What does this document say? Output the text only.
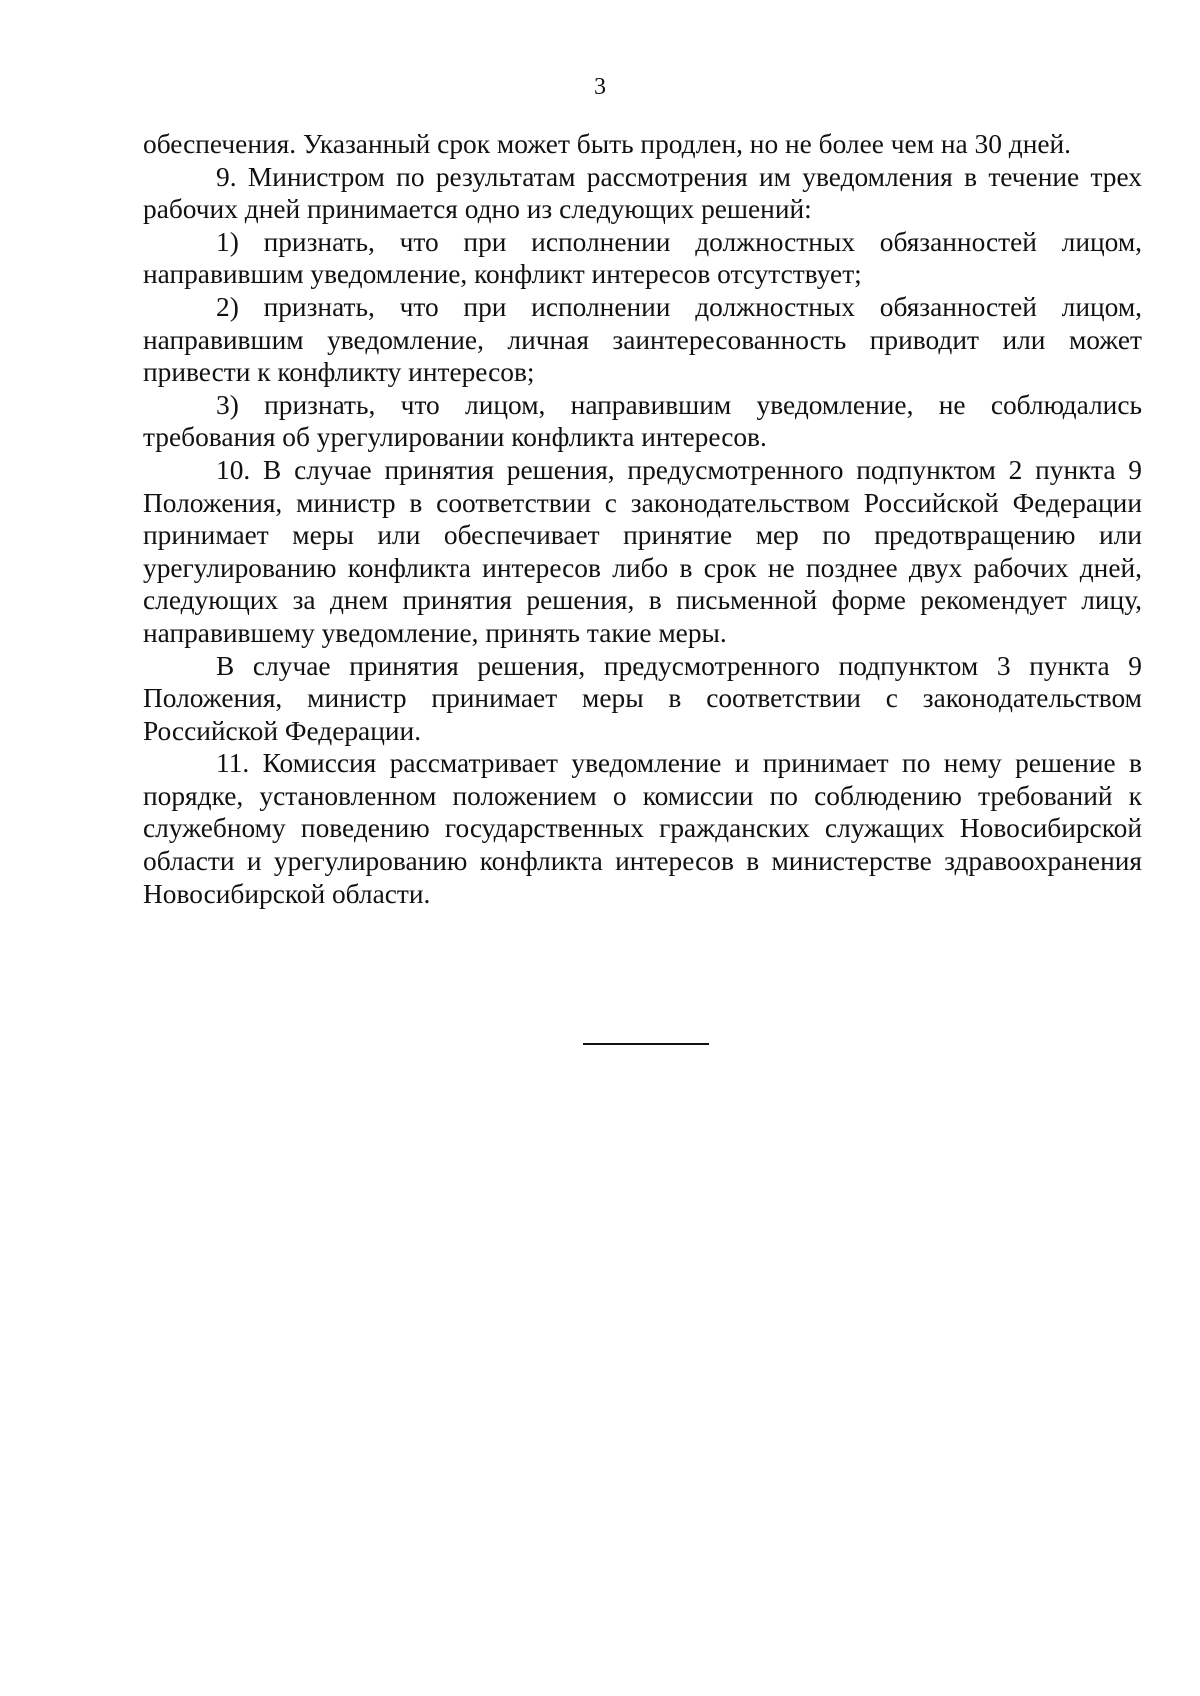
3

обеспечения. Указанный срок может быть продлен, но не более чем на 30 дней.

9. Министром по результатам рассмотрения им уведомления в течение трех рабочих дней принимается одно из следующих решений:

1) признать, что при исполнении должностных обязанностей лицом, направившим уведомление, конфликт интересов отсутствует;

2) признать, что при исполнении должностных обязанностей лицом, направившим уведомление, личная заинтересованность приводит или может привести к конфликту интересов;

3) признать, что лицом, направившим уведомление, не соблюдались требования об урегулировании конфликта интересов.

10. В случае принятия решения, предусмотренного подпунктом 2 пункта 9 Положения, министр в соответствии с законодательством Российской Федерации принимает меры или обеспечивает принятие мер по предотвращению или урегулированию конфликта интересов либо в срок не позднее двух рабочих дней, следующих за днем принятия решения, в письменной форме рекомендует лицу, направившему уведомление, принять такие меры.

В случае принятия решения, предусмотренного подпунктом 3 пункта 9 Положения, министр принимает меры в соответствии с законодательством Российской Федерации.

11. Комиссия рассматривает уведомление и принимает по нему решение в порядке, установленном положением о комиссии по соблюдению требований к служебному поведению государственных гражданских служащих Новосибирской области и урегулированию конфликта интересов в министерстве здравоохранения Новосибирской области.
